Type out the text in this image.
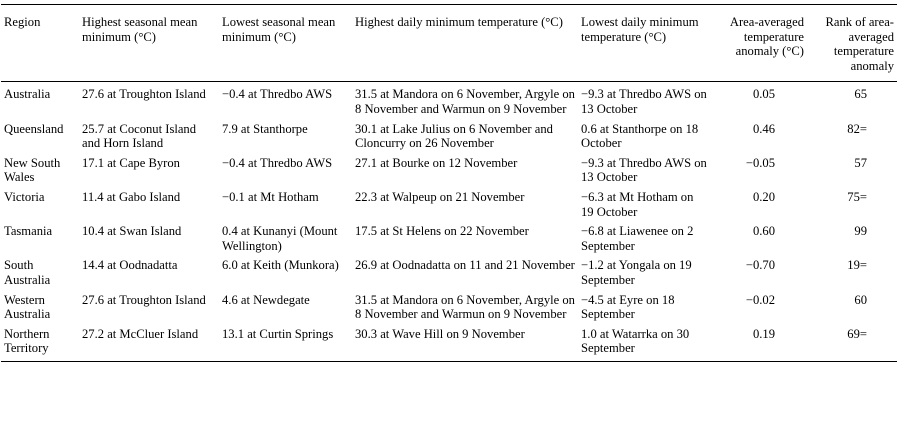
Region	Highest seasonal mean minimum (°C)	Lowest seasonal mean minimum (°C)	Highest daily minimum temperature (°C)	Lowest daily minimum temperature (°C)	Area-averaged temperature anomaly (°C)	Rank of area-averaged temperature anomaly
Australia	27.6 at Troughton Island	−0.4 at Thredbo AWS	31.5 at Mandora on 6 November, Argyle on 8 November and Warmun on 9 November	−9.3 at Thredbo AWS on 13 October	0.05	65
Queensland	25.7 at Coconut Island and Horn Island	7.9 at Stanthorpe	30.1 at Lake Julius on 6 November and Cloncurry on 26 November	0.6 at Stanthorpe on 18 October	0.46	82=
New South Wales	17.1 at Cape Byron	−0.4 at Thredbo AWS	27.1 at Bourke on 12 November	−9.3 at Thredbo AWS on 13 October	−0.05	57
Victoria	11.4 at Gabo Island	−0.1 at Mt Hotham	22.3 at Walpeup on 21 November	−6.3 at Mt Hotham on 19 October	0.20	75=
Tasmania	10.4 at Swan Island	0.4 at Kunanyi (Mount Wellington)	17.5 at St Helens on 22 November	−6.8 at Liawenee on 2 September	0.60	99
South Australia	14.4 at Oodnadatta	6.0 at Keith (Munkora)	26.9 at Oodnadatta on 11 and 21 November	−1.2 at Yongala on 19 September	−0.70	19=
Western Australia	27.6 at Troughton Island	4.6 at Newdegate	31.5 at Mandora on 6 November, Argyle on 8 November and Warmun on 9 November	−4.5 at Eyre on 18 September	−0.02	60
Northern Territory	27.2 at McCluer Island	13.1 at Curtin Springs	30.3 at Wave Hill on 9 November	1.0 at Watarrka on 30 September	0.19	69=
